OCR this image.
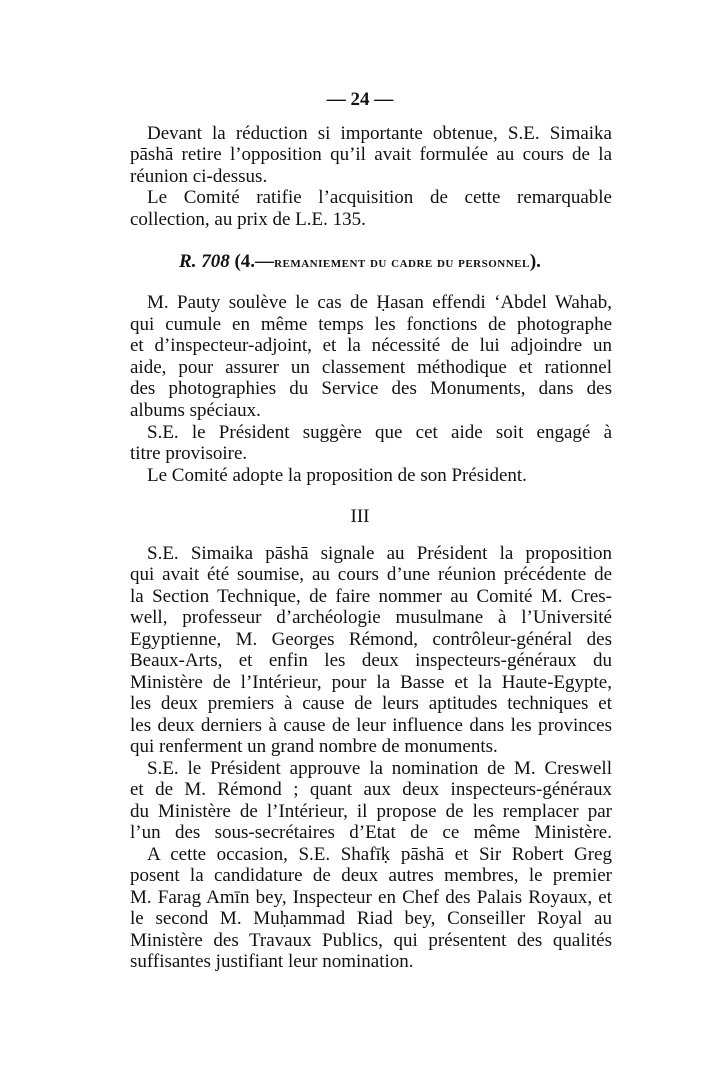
— 24 —
Devant la réduction si importante obtenue, S.E. Simaika
pāshā retire l’opposition qu’il avait formulée au cours de la
réunion ci-dessus.
Le Comité ratifie l’acquisition de cette remarquable
collection, au prix de L.E. 135.
R. 708 (4.—remaniement du cadre du personnel).
M. Pauty soulève le cas de Ḥasan effendi ‘Abdel Wahab,
qui cumule en même temps les fonctions de photographe
et d’inspecteur-adjoint, et la nécessité de lui adjoindre un
aide, pour assurer un classement méthodique et rationnel
des photographies du Service des Monuments, dans des
albums spéciaux.
S.E. le Président suggère que cet aide soit engagé à
titre provisoire.
Le Comité adopte la proposition de son Président.
III
S.E. Simaika pāshā signale au Président la proposition
qui avait été soumise, au cours d’une réunion précédente de
la Section Technique, de faire nommer au Comité M. Cres-
well, professeur d’archéologie musulmane à l’Université
Egyptienne, M. Georges Rémond, contrôleur-général des
Beaux-Arts, et enfin les deux inspecteurs-généraux du
Ministère de l’Intérieur, pour la Basse et la Haute-Egypte,
les deux premiers à cause de leurs aptitudes techniques et
les deux derniers à cause de leur influence dans les provinces
qui renferment un grand nombre de monuments.
S.E. le Président approuve la nomination de M. Creswell
et de M. Rémond ; quant aux deux inspecteurs-généraux
du Ministère de l’Intérieur, il propose de les remplacer par
l’un des sous-secrétaires d’Etat de ce même Ministère.
A cette occasion, S.E. Shafīḳ pāshā et Sir Robert Greg
posent la candidature de deux autres membres, le premier
M. Farag Amīn bey, Inspecteur en Chef des Palais Royaux, et
le second M. Muḥammad Riad bey, Conseiller Royal au
Ministère des Travaux Publics, qui présentent des qualités
suffisantes justifiant leur nomination.
